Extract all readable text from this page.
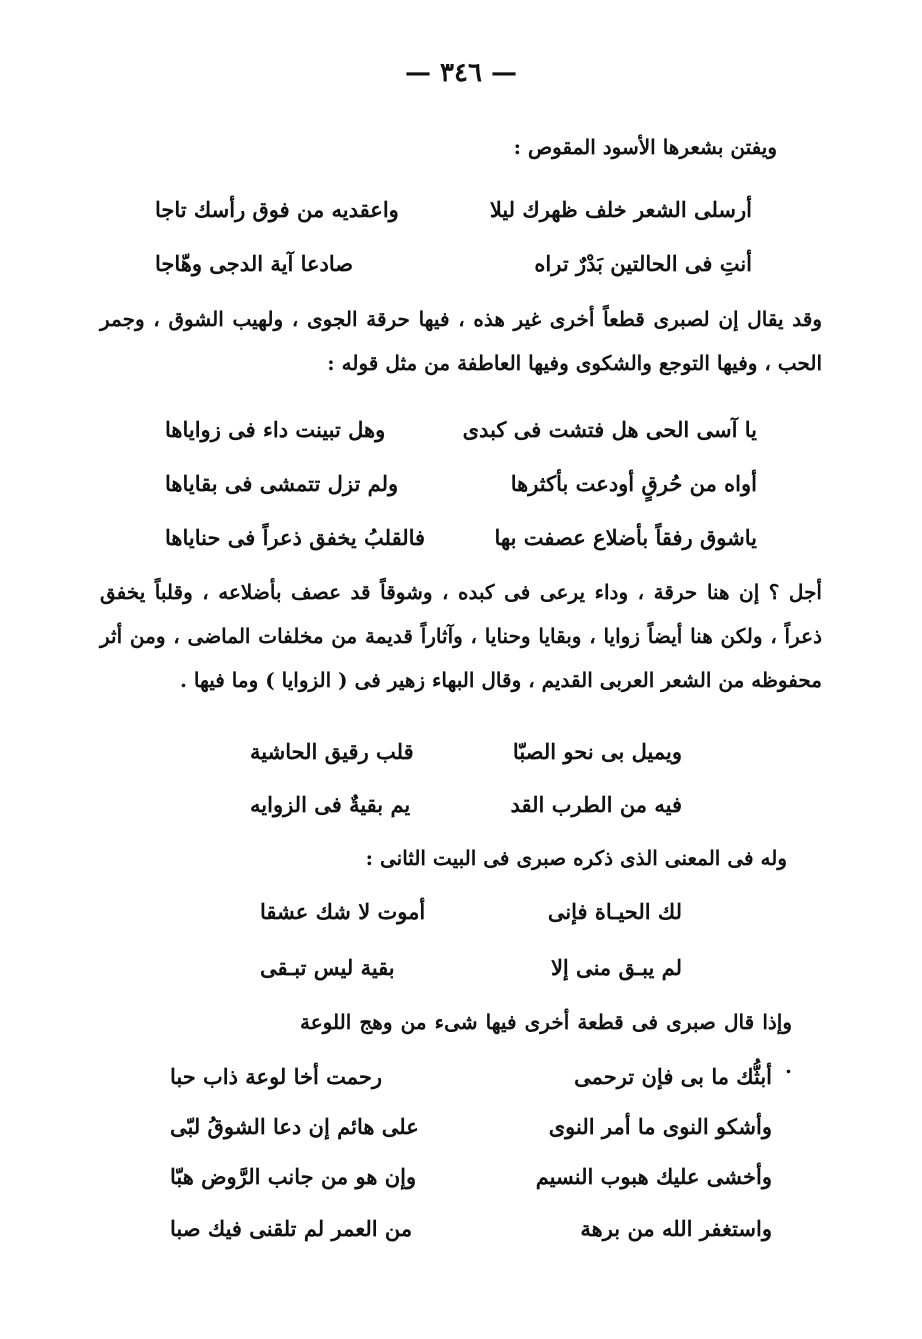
— ٣٤٦ —
ويفتن بشعرها الأسود المقوص :
أرسلى الشعر خلف ظهرك ليلا
واعقديه من فوق رأسك تاجا
أنتِ فى الحالتين بَدْرٌ تراه
صادعا آية الدجى وهّاجا
وقد يقال إن لصبرى قطعاً أخرى غير هذه ، فيها حرقة الجوى ، ولهيب الشوق ، وجمر الحب ، وفيها التوجع والشكوى وفيها العاطفة من مثل قوله :
يا آسى الحى هل فتشت فى كبدى
وهل تبينت داء فى زواياها
أواه من حُرقٍ أودعت بأكثرها
ولم تزل تتمشى فى بقاياها
ياشوق رفقاً بأضلاع عصفت بها
فالقلبُ يخفق ذعراً فى حناياها
أجل ؟ إن هنا حرقة ، وداء يرعى فى كبده ، وشوقاً قد عصف بأضلاعه ، وقلباً يخفق ذعراً ، ولكن هنا أيضاً زوايا ، وبقايا وحنايا ، وآثاراً قديمة من مخلفات الماضى ، ومن أثر محفوظه من الشعر العربى القديم ، وقال البهاء زهير فى ( الزوايا ) وما فيها .
ويميل بى نحو الصبّا
قلب رقيق الحاشية
فيه من الطرب القد
يم بقيةٌ فى الزوايه
وله فى المعنى الذى ذكره صبرى فى البيت الثانى :
لك الحيـاة فإنى
أموت لا شك عشقا
لم يبـق منى إلا
بقية ليس تبـقى
وإذا قال صبرى فى قطعة أخرى فيها شىء من وهج اللوعة .
أبثُّك ما بى فإن ترحمى
رحمت أخا لوعة ذاب حبا
وأشكو النوى ما أمر النوى
على هائم إن دعا الشوقُ لبّى
وأخشى عليك هبوب النسيم
وإن هو من جانب الرَّوض هبّا
واستغفر الله من برهة
من العمر لم تلقنى فيك صبا
